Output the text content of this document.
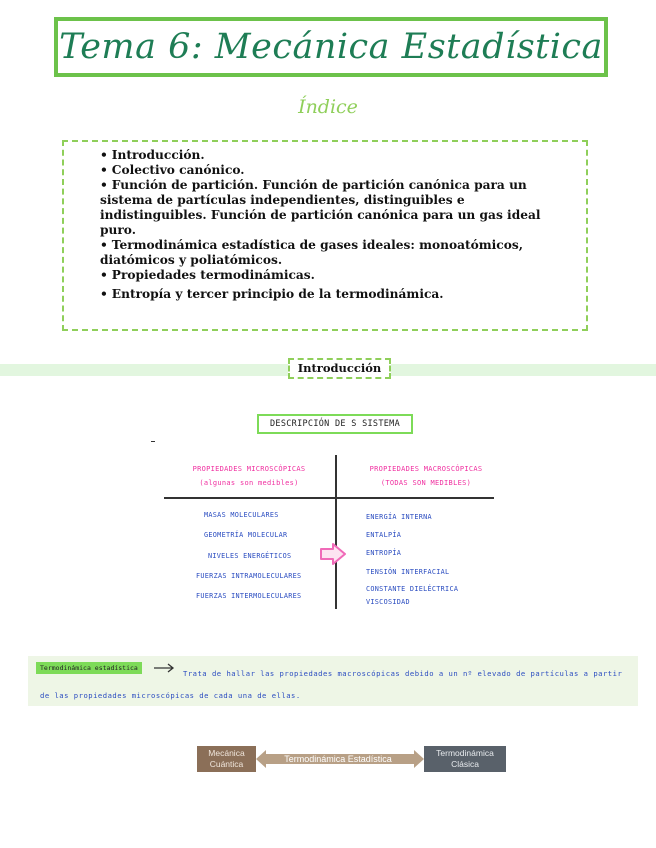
Tema 6: Mecánica Estadística
Índice

• Introducción.

• Colectivo canónico.

• Función de partición. Función de partición canónica para un sistema de partículas independientes, distinguibles e indistinguibles. Función de partición canónica para un gas ideal puro.

• Termodinámica estadística de gases ideales: monoatómicos, diatómicos y poliatómicos.

• Propiedades termodinámicas.

• Entropía y tercer principio de la termodinámica.

Introducción
DESCRIPCIÓN DE S SISTEMA
PROPIEDADES MICROSCÓPICAS
(algunas son medibles)
PROPIEDADES MACROSCÓPICAS
(TODAS SON MEDIBLES)
MASAS MOLECULARES
GEOMETRÍA MOLECULAR
NIVELES ENERGÉTICOS
FUERZAS INTRAMOLECULARES
FUERZAS INTERMOLECULARES
ENERGÍA INTERNA
ENTALPÍA
ENTROPÍA
TENSIÓN INTERFACIAL
CONSTANTE DIELÉCTRICA
VISCOSIDAD
Trata de hallar las propiedades macroscópicas debido a un nº elevado de partículas a partir de las propiedades microscópicas de cada una de ellas.
Termodinámica estadística
Mecánica Cuántica	Termodinámica Estadística
Termodinámica Clásica
